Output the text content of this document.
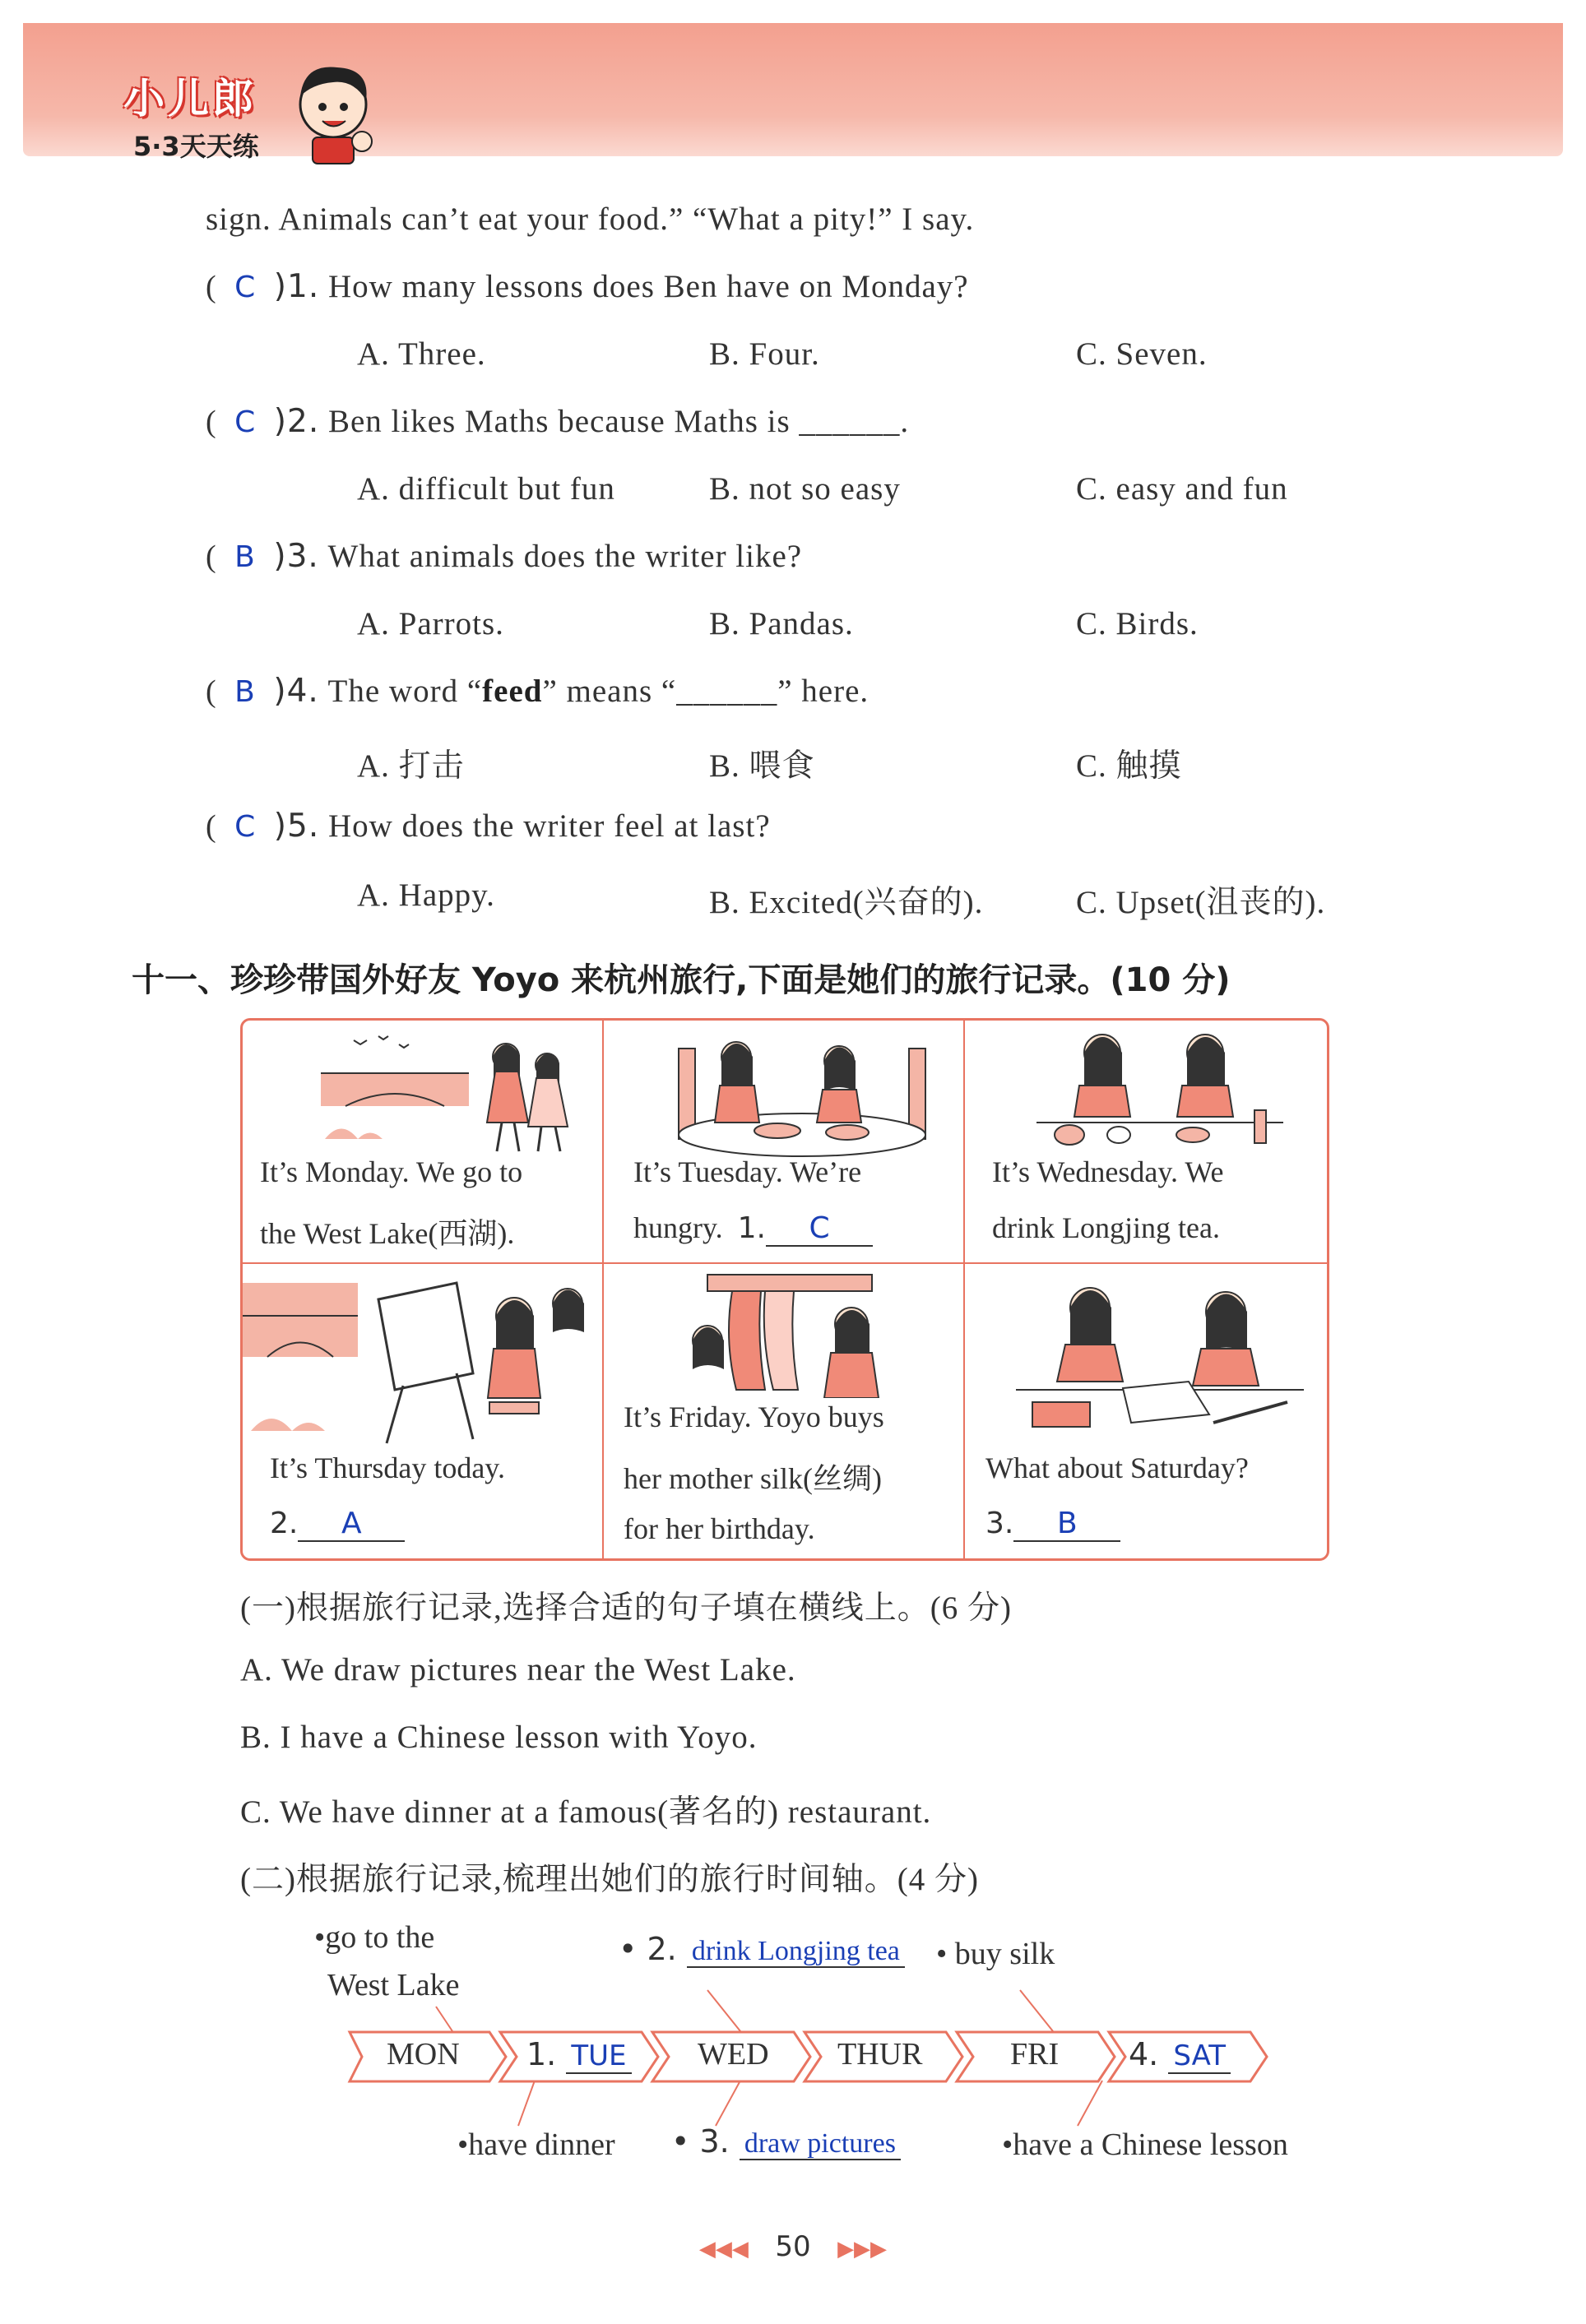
小儿郎
5·3天天练
sign. Animals can’t eat your food.” “What a pity!” I say.
( C )1. How many lessons does Ben have on Monday?
A. Three.	B. Four.	C. Seven.
( C )2. Ben likes Maths because Maths is ______.
A. difficult but fun	B. not so easy	C. easy and fun
( B )3. What animals does the writer like?
A. Parrots.	B. Pandas.	C. Birds.
( B )4. The word “feed” means “______” here.
A. 打击	B. 喂食	C. 触摸
( C )5. How does the writer feel at last?
A. Happy.	B. Excited(兴奋的).	C. Upset(沮丧的).
十一、珍珍带国外好友 Yoyo 来杭州旅行,下面是她们的旅行记录。(10 分)
It’s Monday. We go to
the West Lake(西湖).
It’s Tuesday. We’re
hungry. 1. C
It’s Wednesday. We
drink Longjing tea.
It’s Thursday today.
2. A
It’s Friday. Yoyo buys
her mother silk(丝绸)
for her birthday.
What about Saturday?
3. B
(一)根据旅行记录,选择合适的句子填在横线上。(6 分)
A. We draw pictures near the West Lake.
B. I have a Chinese lesson with Yoyo.
C. We have dinner at a famous(著名的) restaurant.
(二)根据旅行记录,梳理出她们的旅行时间轴。(4 分)
•go to the
West Lake
• 2. drink Longjing tea • buy silk
MON 1. TUE WED THUR	FRI 4. SAT
•have dinner • 3. draw pictures	•have a Chinese lesson
◀◀◀ 50 ▶▶▶
